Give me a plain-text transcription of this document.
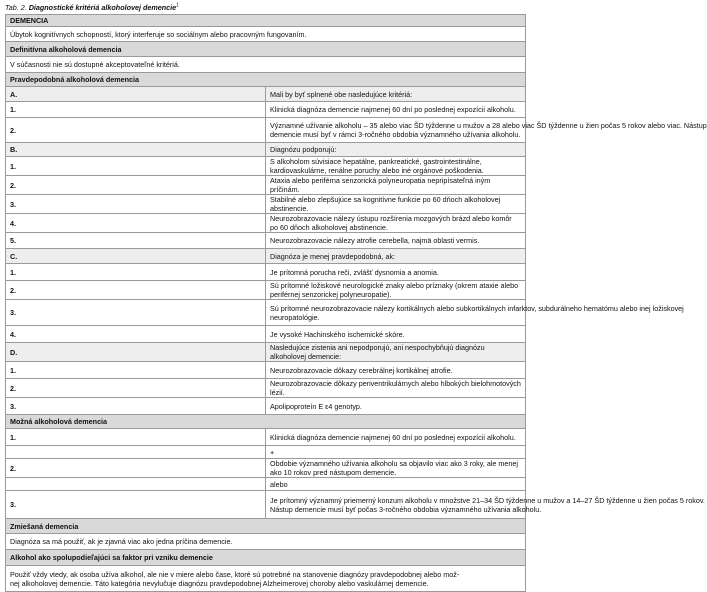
Tab. 2. Diagnostické kritériá alkoholovej demencie$^1$
DEMENCIA	
Úbytok kognitívnych schopností, ktorý interferuje so sociálnym alebo pracovným fungovaním.	
Definitívna alkoholová demencia	
V súčasnosti nie sú dostupné akceptovateľné kritériá.	
Pravdepodobná alkoholová demencia	
A.	Mali by byť splnené obe nasledujúce kritériá:
1.	Klinická diagnóza demencie najmenej 60 dní po poslednej expozícii alkoholu.
2.	Významné užívanie alkoholu – 35 alebo viac ŠD týždenne u mužov a 28 alebo viac ŠD týždenne u žien počas 5 rokov alebo viac. Nástup
demencie musí byť v rámci 3-ročného obdobia významného užívania alkoholu.

B.	Diagnózu podporujú:
1.	S alkoholom súvisiace hepatálne, pankreatické, gastrointestinálne, kardiovaskulárne, renálne poruchy alebo iné orgánové poškodenia.
2.	Ataxia alebo periférna senzorická polyneuropatia nepripísateľná iným príčinám.
3.	Stabilné alebo zlepšujúce sa kognitívne funkcie po 60 dňoch alkoholovej abstinencie.
4.	Neurozobrazovacie nálezy ústupu rozšírenia mozgových brázd alebo komôr po 60 dňoch alkoholovej abstinencie.
5.	Neurozobrazovacie nálezy atrofie cerebella, najmä oblasti vermis.
C.	Diagnóza je menej pravdepodobná, ak:
1.	Je prítomná porucha reči, zvlášť dysnomia a anomia.
2.	Sú prítomné ložiskové neurologické znaky alebo príznaky (okrem ataxie alebo periférnej senzorickej polyneuropatie).
3.	Sú prítomné neurozobrazovacie nálezy kortikálnych alebo subkortikálnych infarktov, subdurálneho hematómu alebo inej ložiskovej
neuropatológie.

4.	Je vysoké Hachinského ischemické skóre.
D.	Nasledujúce zistenia ani nepodporujú, ani nespochybňujú diagnózu alkoholovej demencie:
1.	Neurozobrazovacie dôkazy cerebrálnej kortikálnej atrofie.
2.	Neurozobrazovacie dôkazy periventrikulárnych alebo hlbokých bielohmotových lézií.
3.	Apolipoproteín E ε4 genotyp.
Možná alkoholová demencia	
1.	Klinická diagnóza demencie najmenej 60 dní po poslednej expozícii alkoholu.
	+
2.	Obdobie významného užívania alkoholu sa objavilo viac ako 3 roky, ale menej ako 10 rokov pred nástupom demencie.
	alebo
3.	Je prítomný významný priemerný konzum alkoholu v množstve 21–34 ŠD týždenne u mužov a 14–27 ŠD týždenne u žien počas 5 rokov.
Nástup demencie musí byť počas 3-ročného obdobia významného užívania alkoholu.

Zmiešaná demencia	
Diagnóza sa má použiť, ak je zjavná viac ako jedna príčina demencie.	
Alkohol ako spolupodieľajúci sa faktor pri vzniku demencie	

Použiť vždy vtedy, ak osoba užíva alkohol, ale nie v miere alebo čase, ktoré sú potrebné na stanovenie diagnózy pravdepodobnej alebo mož-
nej alkoholovej demencie. Táto kategória nevylučuje diagnózu pravdepodobnej Alzheimerovej choroby alebo vaskulárnej demencie.	
